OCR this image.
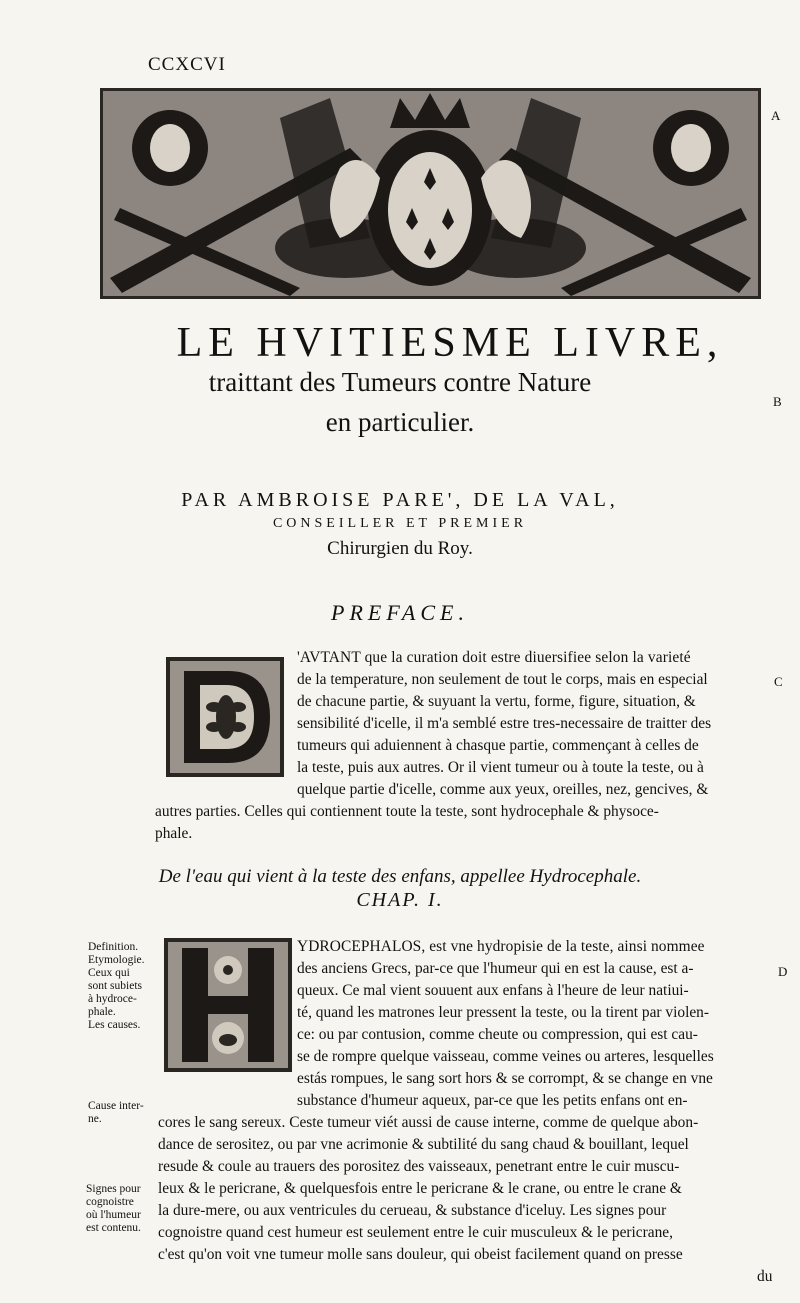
CCXCVI
A
B
C
D
LE HVITIESME LIVRE,
traittant des Tumeurs contre Nature
en particulier.
PAR AMBROISE PARE', DE LA VAL,
CONSEILLER ET PREMIER
Chirurgien du Roy.
PREFACE.
'AVTANT que la curation doit estre diuersifiee selon la varieté
de la temperature, non seulement de tout le corps, mais en especial
de chacune partie, & suyuant la vertu, forme, figure, situation, &
sensibilité d'icelle, il m'a semblé estre tres-necessaire de traitter des
tumeurs qui aduiennent à chasque partie, commençant à celles de
la teste, puis aux autres. Or il vient tumeur ou à toute la teste, ou à
quelque partie d'icelle, comme aux yeux, oreilles, nez, gencives, &
autres parties. Celles qui contiennent toute la teste, sont hydrocephale & physoce-
phale.
De l'eau qui vient à la teste des enfans, appellee Hydrocephale.
CHAP. I.
YDROCEPHALOS, est vne hydropisie de la teste, ainsi nommee
des anciens Grecs, par-ce que l'humeur qui en est la cause, est a-
queux. Ce mal vient souuent aux enfans à l'heure de leur natiui-
té, quand les matrones leur pressent la teste, ou la tirent par violen-
ce: ou par contusion, comme cheute ou compression, qui est cau-
se de rompre quelque vaisseau, comme veines ou arteres, lesquelles
estás rompues, le sang sort hors & se corrompt, & se change en vne
substance d'humeur aqueux, par-ce que les petits enfans ont en-
cores le sang sereux. Ceste tumeur viét aussi de cause interne, comme de quelque abon-
dance de serositez, ou par vne acrimonie & subtilité du sang chaud & bouillant, lequel
resude & coule au trauers des porositez des vaisseaux, penetrant entre le cuir muscu-
leux & le pericrane, & quelquesfois entre le pericrane & le crane, ou entre le crane &
la dure-mere, ou aux ventricules du cerueau, & substance d'iceluy. Les signes pour
cognoistre quand cest humeur est seulement entre le cuir musculeux & le pericrane,
c'est qu'on voit vne tumeur molle sans douleur, qui obeist facilement quand on presse
du
Definition.
Etymologie.
Ceux qui
sont subiets
à hydroce-
phale.
Les causes.
Cause inter-
ne.
Signes pour
cognoistre
où l'humeur
est contenu.
